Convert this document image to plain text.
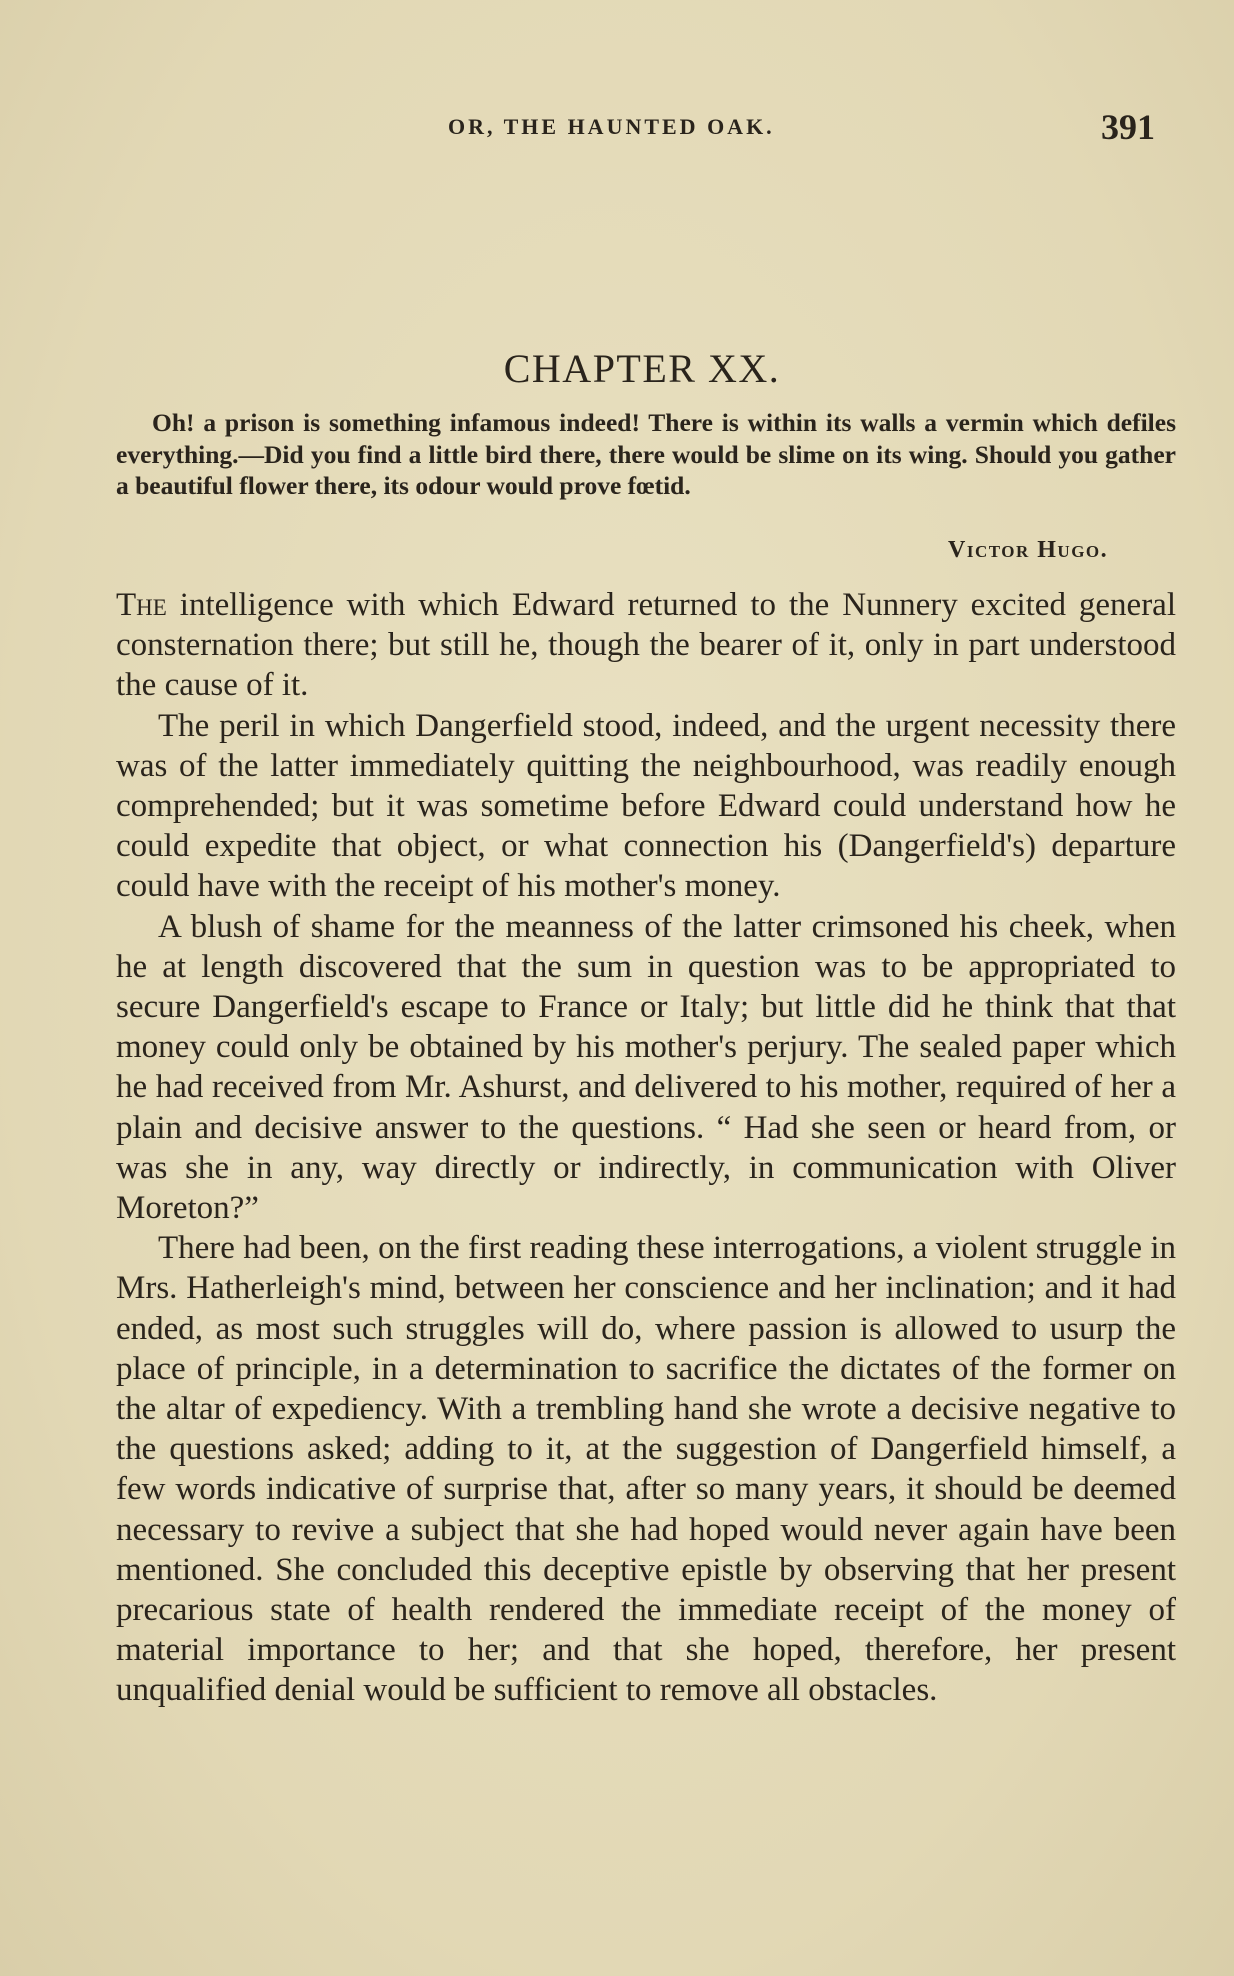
OR, THE HAUNTED OAK.	391
CHAPTER XX.
Oh! a prison is something infamous indeed! There is within its walls a vermin which defiles everything.—Did you find a little bird there, there would be slime on its wing. Should you gather a beautiful flower there, its odour would prove fœtid.
Victor Hugo.

The intelligence with which Edward returned to the Nunnery excited general consternation there; but still he, though the bearer of it, only in part understood the cause of it.

The peril in which Dangerfield stood, indeed, and the urgent necessity there was of the latter immediately quitting the neighbourhood, was readily enough comprehended; but it was sometime before Edward could understand how he could expedite that object, or what connection his (Dangerfield's) departure could have with the receipt of his mother's money.

A blush of shame for the meanness of the latter crimsoned his cheek, when he at length discovered that the sum in question was to be appropriated to secure Dangerfield's escape to France or Italy; but little did he think that that money could only be obtained by his mother's perjury. The sealed paper which he had received from Mr. Ashurst, and delivered to his mother, required of her a plain and decisive answer to the questions. “ Had she seen or heard from, or was she in any, way directly or indirectly, in communication with Oliver Moreton?”

There had been, on the first reading these interrogations, a violent struggle in Mrs. Hatherleigh's mind, between her conscience and her inclination; and it had ended, as most such struggles will do, where passion is allowed to usurp the place of principle, in a determination to sacrifice the dictates of the former on the altar of expediency. With a trembling hand she wrote a decisive negative to the questions asked; adding to it, at the suggestion of Dangerfield himself, a few words indicative of surprise that, after so many years, it should be deemed necessary to revive a subject that she had hoped would never again have been mentioned. She concluded this deceptive epistle by observing that her present precarious state of health rendered the immediate receipt of the money of material importance to her; and that she hoped, therefore, her present unqualified denial would be sufficient to remove all obstacles.
